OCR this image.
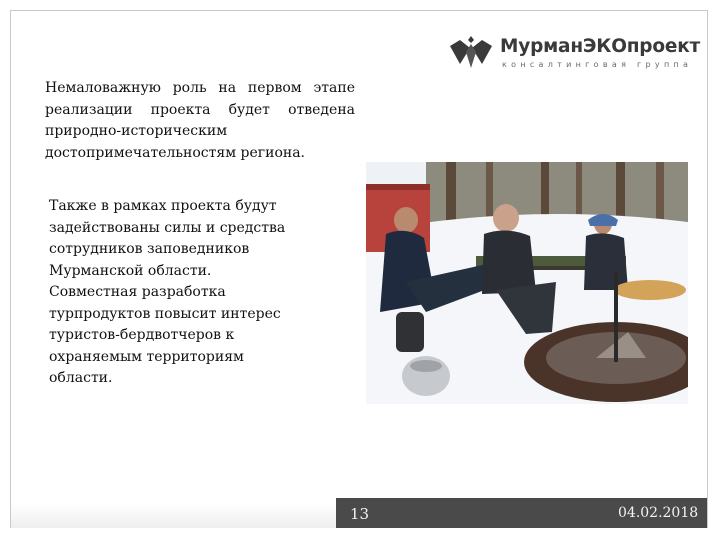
МурманЭКОпроект
консалтинговая группа
Немаловажную роль на первом этапе реализации проекта будет отведена природно-историческим достопримечательностям региона.
Также в рамках проекта будут
задействованы силы и средства
сотрудников заповедников
Мурманской области.
Совместная разработка
турпродуктов повысит интерес
туристов-бердвотчеров к
охраняемым территориям
области.
13	04.02.2018
